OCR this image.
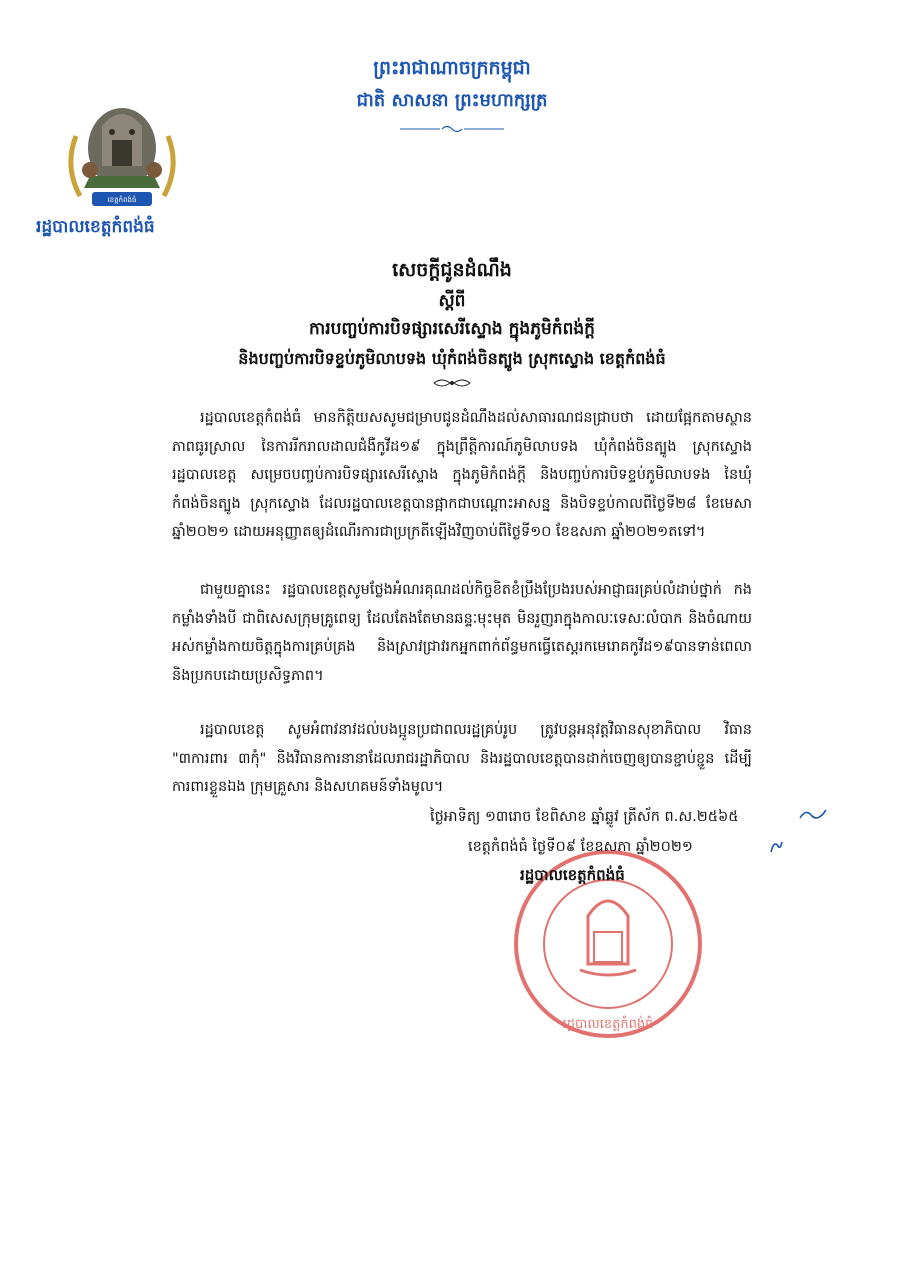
ព្រះរាជាណាចក្រកម្ពុជា
ជាតិ សាសនា ព្រះមហាក្សត្រ
ខេត្តកំពង់ធំ
រដ្ឋបាលខេត្តកំពង់ធំ
សេចក្តីជូនដំណឹង
ស្តីពី
ការបញ្ចប់ការបិទផ្សារសេរីស្ទោង ក្នុងភូមិកំពង់ក្តី
និងបញ្ចប់ការបិទខ្ទប់ភូមិលាបទង ឃុំកំពង់ចិនត្បូង ស្រុកស្ទោង ខេត្តកំពង់ធំ
រដ្ឋបាលខេត្តកំពង់ធំ មានកិត្តិយសសូមជម្រាបជូនដំណឹងដល់សាធារណជនជ្រាបថា ដោយផ្អែកតាមស្ថានភាពធូរស្រាល នៃការរីករាលដាលជំងឺកូវីដ១៩ ក្នុងព្រឹត្តិការណ៍ភូមិលាបទង ឃុំកំពង់ចិនត្បូង ស្រុកស្ទោង រដ្ឋបាលខេត្ត សម្រេចបញ្ចប់ការបិទផ្សារសេរីស្ទោង ក្នុងភូមិកំពង់ក្តី និងបញ្ចប់ការបិទខ្ទប់ភូមិលាបទង នៃឃុំកំពង់ចិនត្បូង ស្រុកស្ទោង ដែលរដ្ឋបាលខេត្តបានផ្អាកជាបណ្តោះអាសន្ន និងបិទខ្ទប់កាលពីថ្ងៃទី២៨ ខែមេសា ឆ្នាំ២០២១ ដោយអនុញ្ញាតឲ្យដំណើរការជាប្រក្រតីឡើងវិញចាប់ពីថ្ងៃទី១០ ខែឧសភា ឆ្នាំ២០២១តទៅ។
ជាមួយគ្នានេះ រដ្ឋបាលខេត្តសូមថ្លែងអំណរគុណដល់កិច្ចខិតខំប្រឹងប្រែងរបស់អាជ្ញាធរគ្រប់លំដាប់ថ្នាក់ កងកម្លាំងទាំងបី ជាពិសេសក្រុមគ្រូពេទ្យ ដែលតែងតែមានឆន្ទៈមុះមុត មិនរួញរាក្នុងកាលៈទេសៈលំបាក និងចំណាយអស់កម្លាំងកាយចិត្តក្នុងការគ្រប់គ្រង និងស្រាវជ្រាវរកអ្នកពាក់ព័ន្ធមកធ្វើតេស្តរកមេរោគកូវីដ១៩បានទាន់ពេលា និងប្រកបដោយប្រសិទ្ធភាព។
រដ្ឋបាលខេត្ត សូមអំពាវនាវដល់បងប្អូនប្រជាពលរដ្ឋគ្រប់រូប ត្រូវបន្តអនុវត្តវិធានសុខាភិបាល វិធាន "៣ការពារ ៣កុំ" និងវិធានការនានាដែលរាជរដ្ឋាភិបាល និងរដ្ឋបាលខេត្តបានដាក់ចេញឲ្យបានខ្ជាប់ខ្ជួន ដើម្បីការពារខ្លួនឯង ក្រុមគ្រួសារ និងសហគមន៍ទាំងមូល។
រដ្ឋបាលខេត្តកំពង់ធំ
ថ្ងៃអាទិត្យ ១៣រោច ខែពិសាខ ឆ្នាំឆ្លូវ ត្រីស័ក ព.ស.២៥៦៥
ខេត្តកំពង់ធំ ថ្ងៃទី០៩ ខែឧសភា ឆ្នាំ២០២១
រដ្ឋបាលខេត្តកំពង់ធំ
